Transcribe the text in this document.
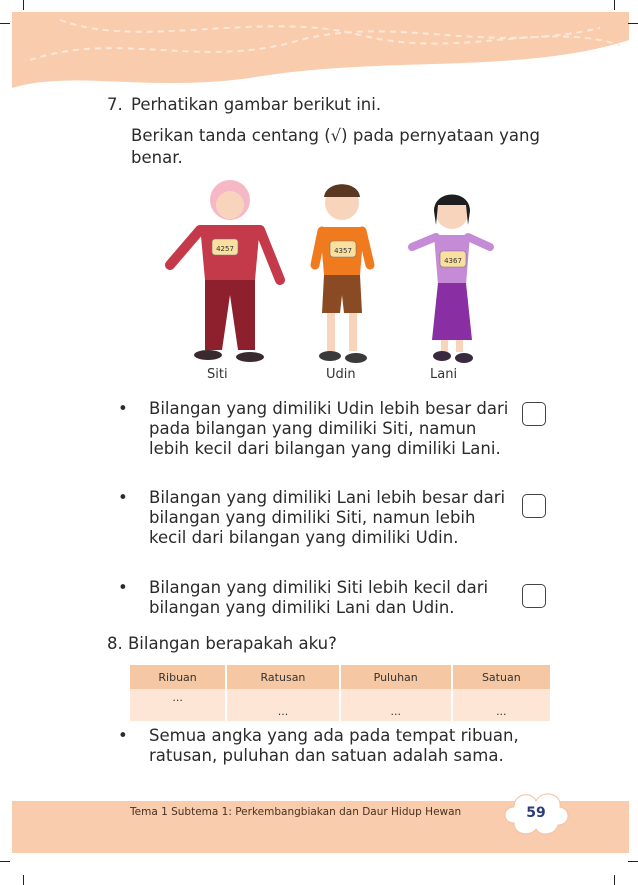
7. Perhatikan gambar berikut ini.
Berikan tanda centang (√) pada pernyataan yang benar.
4257	4357
4367
Siti	Udin	Lani
• Bilangan yang dimiliki Udin lebih besar dari pada bilangan yang dimiliki Siti, namun lebih kecil dari bilangan yang dimiliki Lani.
• Bilangan yang dimiliki Lani lebih besar dari bilangan yang dimiliki Siti, namun lebih kecil dari bilangan yang dimiliki Udin.
• Bilangan yang dimiliki Siti lebih kecil dari bilangan yang dimiliki Lani dan Udin.
8. Bilangan berapakah aku?
Ribuan	Ratusan	Puluhan	Satuan
...	...	...	...
• Semua angka yang ada pada tempat ribuan, ratusan, puluhan dan satuan adalah sama.
Tema 1 Subtema 1: Perkembangbiakan dan Daur Hidup Hewan	59
